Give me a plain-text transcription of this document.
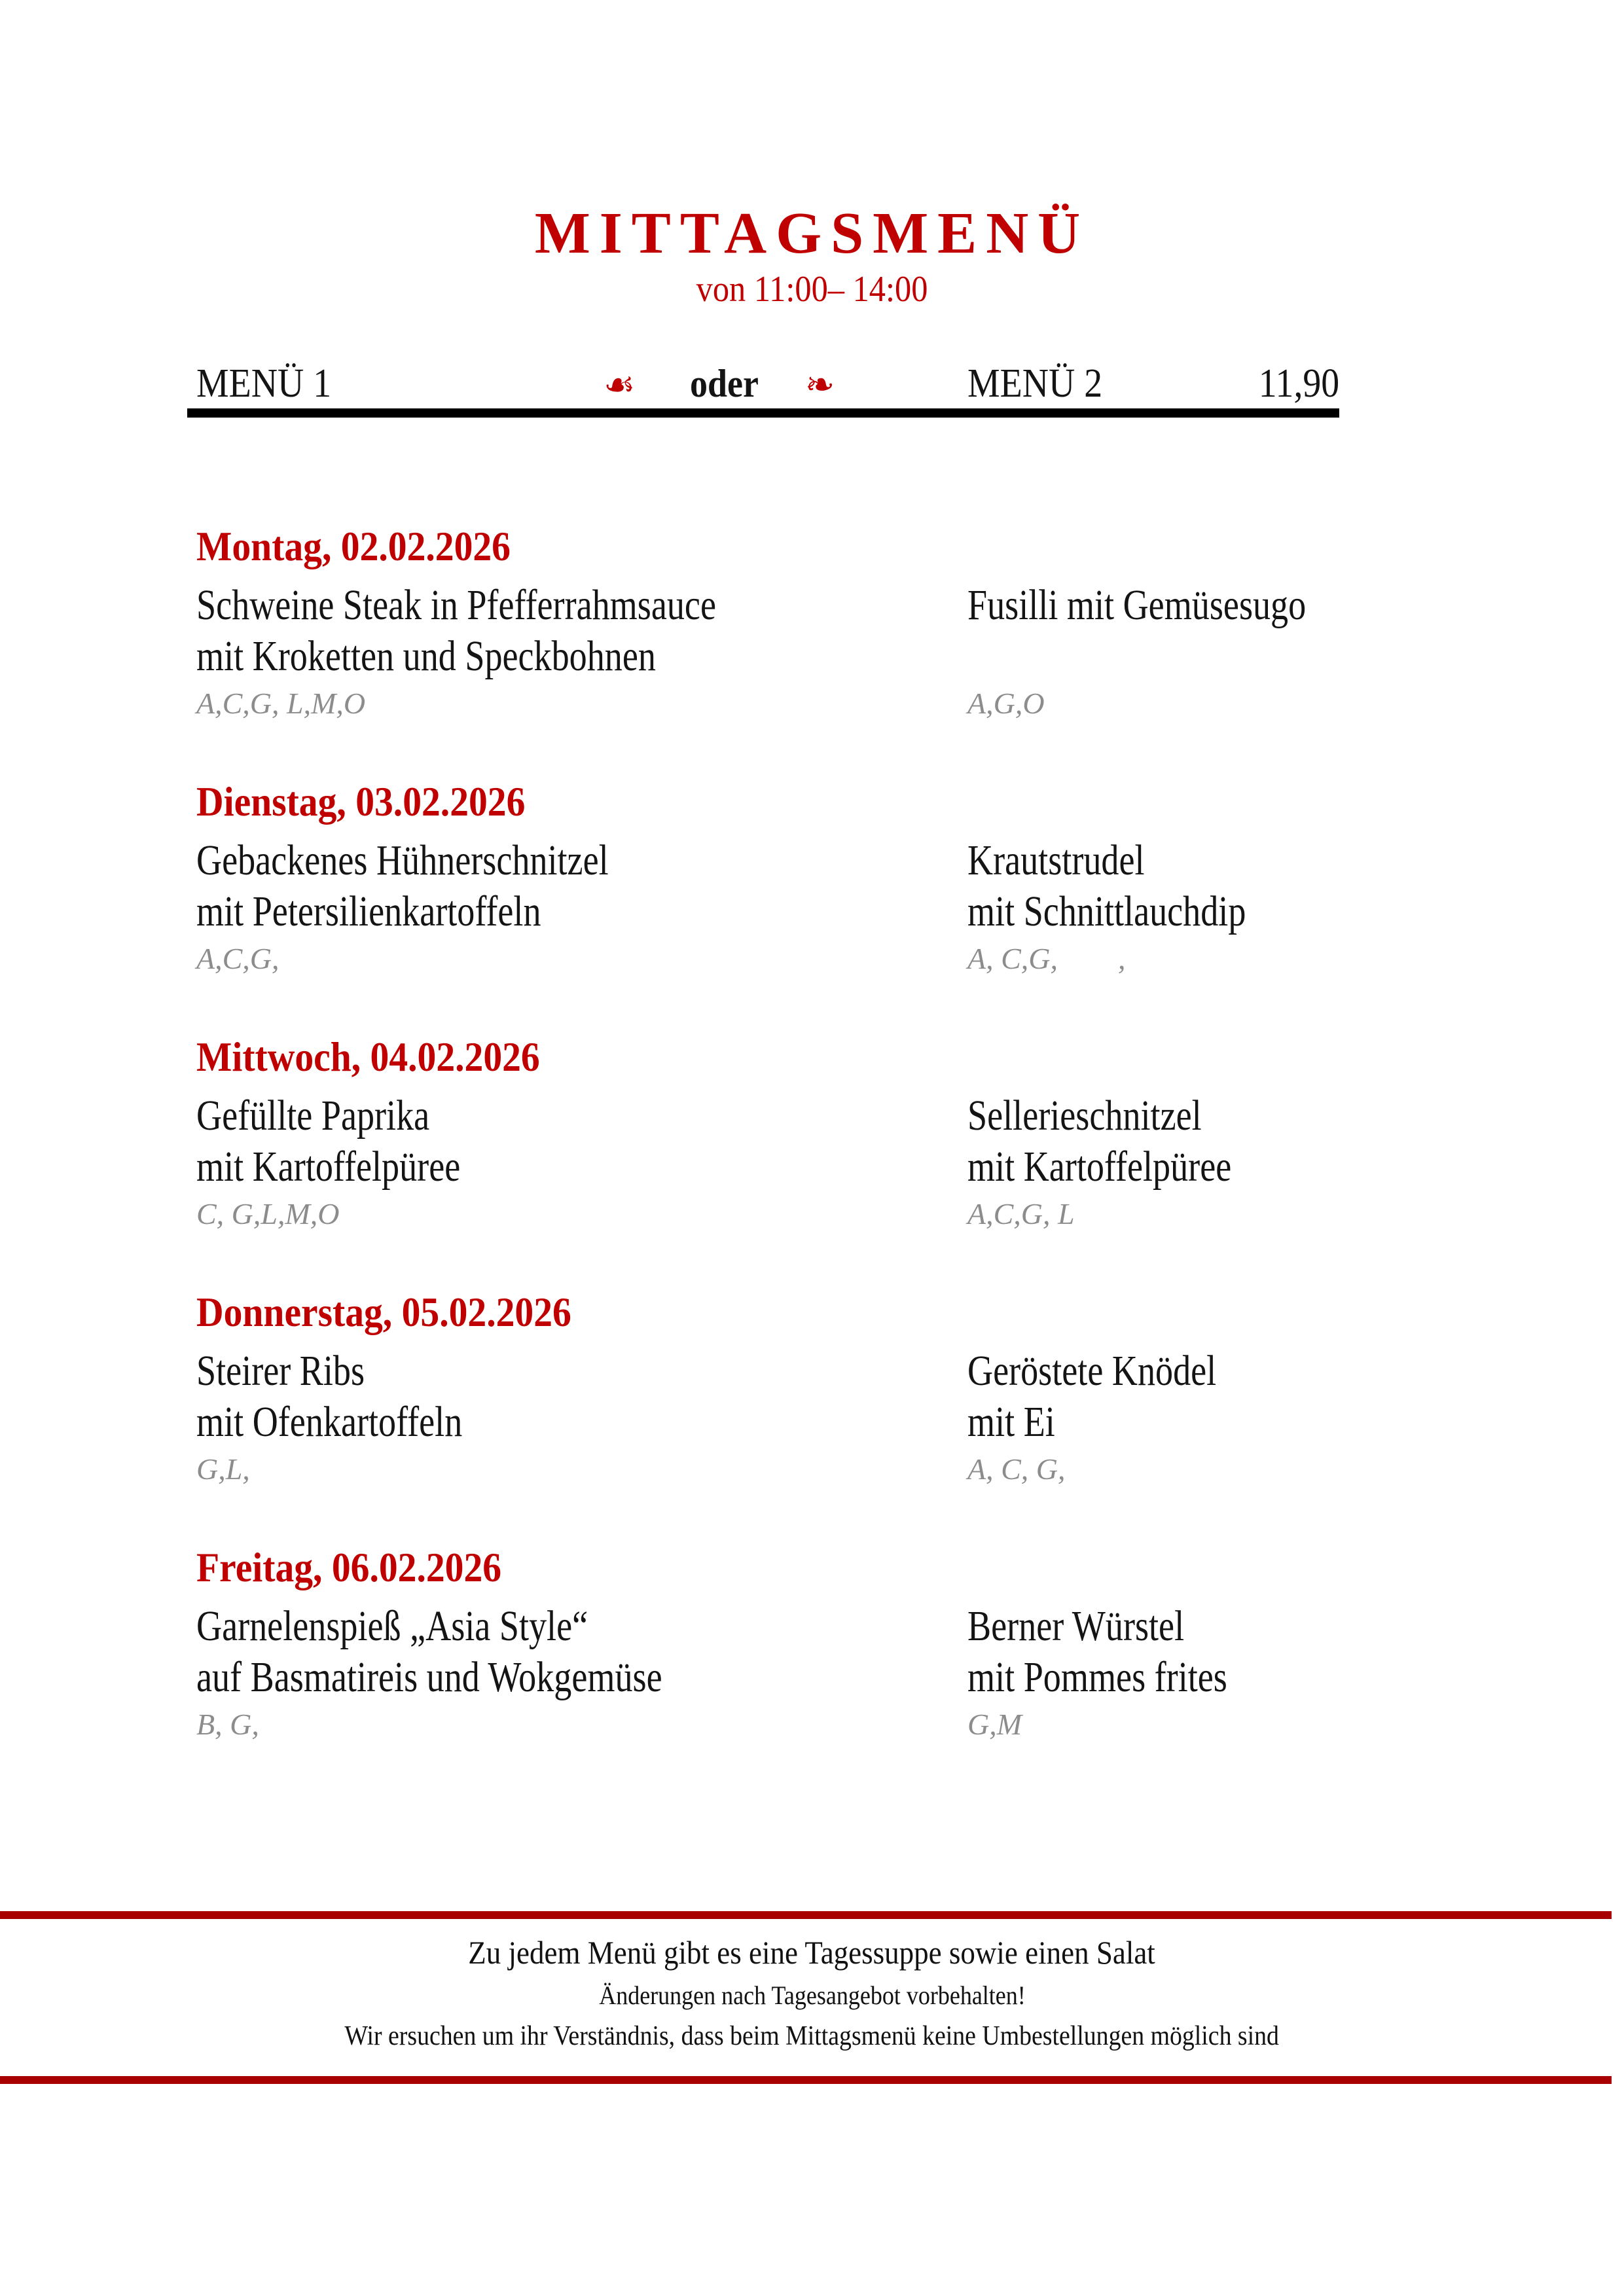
MITTAGSMENÜ
von 11:00– 14:00
MENÜ 1	☙ oder ❧	MENÜ 2	11,90
Montag, 02.02.2026
Schweine Steak in Pfefferrahmsauce	Fusilli mit Gemüsesugo
mit Kroketten und Speckbohnen
A,C,G, L,M,O	A,G,O
Dienstag, 03.02.2026
Gebackenes Hühnerschnitzel	Krautstrudel
mit Petersilienkartoffeln	mit Schnittlauchdip
A,C,G,	A, C,G,        ,
Mittwoch, 04.02.2026
Gefüllte Paprika	Sellerieschnitzel
mit Kartoffelpüree	mit Kartoffelpüree
C, G,L,M,O	A,C,G, L
Donnerstag, 05.02.2026
Steirer Ribs	Geröstete Knödel
mit Ofenkartoffeln	mit Ei
G,L,	A, C, G,
Freitag, 06.02.2026
Garnelenspieß „Asia Style“	Berner Würstel
auf Basmatireis und Wokgemüse	mit Pommes frites
B, G,	G,M
Zu jedem Menü gibt es eine Tagessuppe sowie einen Salat
Änderungen nach Tagesangebot vorbehalten!
Wir ersuchen um ihr Verständnis, dass beim Mittagsmenü keine Umbestellungen möglich sind
